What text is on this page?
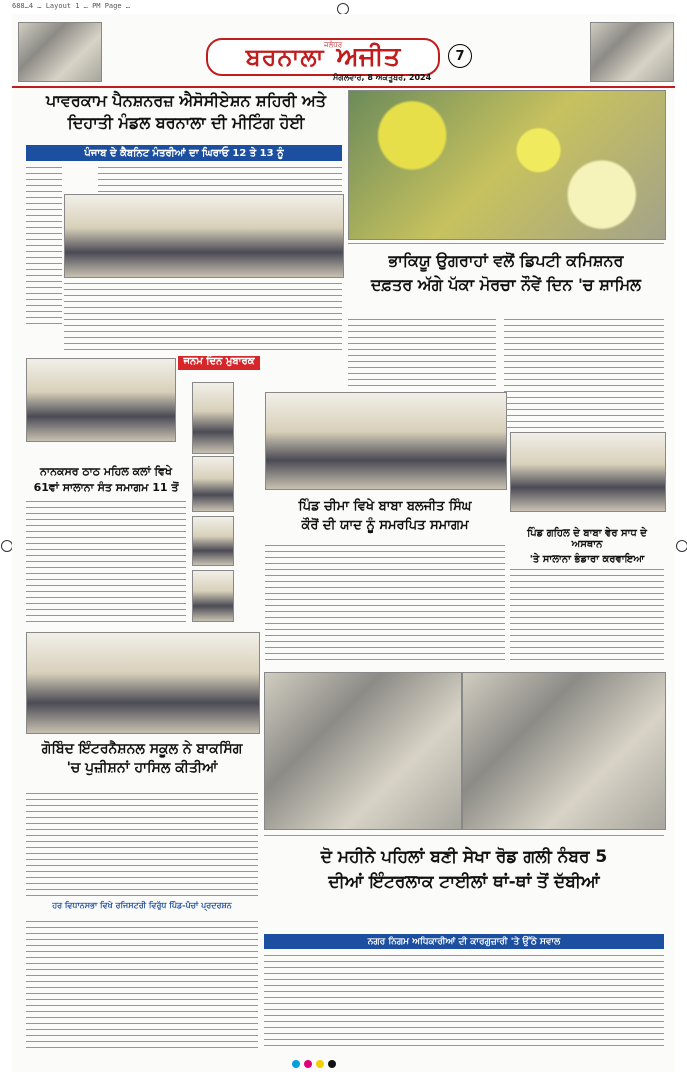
688…4 … Layout 1 … PM Page …
ਬਰਨਾਲਾ ਜਲੰਧਰ
ਅਜੀਤ	7
ਮੰਗਲਵਾਰ, 8 ਅਕਤੂਬਰ, 2024
ਪਾਵਰਕਾਮ ਪੈਨਸ਼ਨਰਜ਼ ਐਸੋਸੀਏਸ਼ਨ ਸ਼ਹਿਰੀ ਅਤੇ
ਦਿਹਾਤੀ ਮੰਡਲ ਬਰਨਾਲਾ ਦੀ ਮੀਟਿੰਗ ਹੋਈ
ਪੰਜਾਬ ਦੇ ਕੈਬਨਿਟ ਮੰਤਰੀਆਂ ਦਾ ਘਿਰਾਓ 12 ਤੇ 13 ਨੂੰ
ਭਾਕਿਯੂ ਉਗਰਾਹਾਂ ਵਲੋਂ ਡਿਪਟੀ ਕਮਿਸ਼ਨਰ
ਦਫ਼ਤਰ ਅੱਗੇ ਪੱਕਾ ਮੋਰਚਾ ਨੌਵੇਂ ਦਿਨ 'ਚ ਸ਼ਾਮਿਲ
ਨਾਨਕਸਰ ਠਾਠ ਮਹਿਲ ਕਲਾਂ ਵਿਖੇ
61ਵਾਂ ਸਾਲਾਨਾ ਸੰਤ ਸਮਾਗਮ 11 ਤੋਂ
ਜਨਮ ਦਿਨ ਮੁਬਾਰਕ
ਪਿੰਡ ਚੀਮਾ ਵਿਖੇ ਬਾਬਾ ਬਲਜੀਤ ਸਿੰਘ
ਕੌਰੋਂ ਦੀ ਯਾਦ ਨੂੰ ਸਮਰਪਿਤ ਸਮਾਗਮ
ਪਿੰਡ ਗਹਿਲ ਦੇ ਬਾਬਾ ਵੇਰ ਸਾਧ ਦੇ ਅਸਥਾਨ
'ਤੇ ਸਾਲਾਨਾ ਭੰਡਾਰਾ ਕਰਵਾਇਆ
ਗੋਬਿੰਦ ਇੰਟਰਨੈਸ਼ਨਲ ਸਕੂਲ ਨੇ ਬਾਕਸਿੰਗ
'ਚ ਪੁਜ਼ੀਸ਼ਨਾਂ ਹਾਸਿਲ ਕੀਤੀਆਂ
ਹਰ ਵਿਧਾਨਸਭਾ ਵਿਖੇ ਰਜਿਸਟਰੀ ਵਿਰੁੱਧ ਪਿੰਡ-ਪੰਚਾਂ ਪ੍ਰਦਰਸ਼ਨ
ਦੋ ਮਹੀਨੇ ਪਹਿਲਾਂ ਬਣੀ ਸੇਖਾ ਰੋਡ ਗਲੀ ਨੰਬਰ 5
ਦੀਆਂ ਇੰਟਰਲਾਕ ਟਾਈਲਾਂ ਥਾਂ-ਥਾਂ ਤੋਂ ਦੱਬੀਆਂ
ਨਗਰ ਨਿਗਮ ਅਧਿਕਾਰੀਆਂ ਦੀ ਕਾਰਗੁਜ਼ਾਰੀ 'ਤੇ ਉੱਠੇ ਸਵਾਲ
